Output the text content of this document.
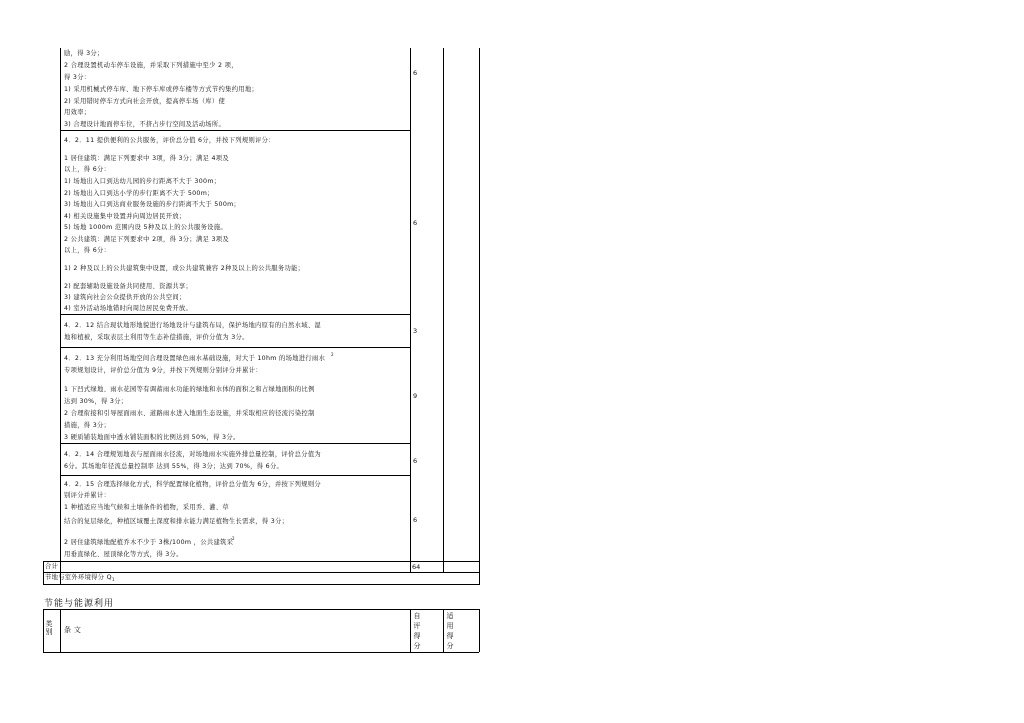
励，得 3分；
2 合理设置机动车停车设施，并采取下列措施中至少 2 项，
得 3分：
1) 采用机械式停车库、地下停车库或停车楼等方式节约集约用地；
2) 采用错时停车方式向社会开放，提高停车场（库）使
用效率；
3) 合理设计地面停车位，不挤占步行空间及活动场所。
6
4．2．11 提供便利的公共服务，评价总分值 6分，并按下列规则评分：
1 居住建筑：满足下列要求中 3项，得 3分；满足 4项及
以上，得 6分：
1) 场地出入口到达幼儿园的步行距离不大于 300m；
2) 场地出入口到达小学的步行距离不大于 500m；
3) 场地出入口到达商业服务设施的步行距离不大于 500m；
4) 相关设施集中设置并向周边居民开放；
5) 场地 1000m 范围内设 5种及以上的公共服务设施。
2 公共建筑：满足下列要求中 2项，得 3分；满足 3项及
以上，得 6分：
1) 2 种及以上的公共建筑集中设置，或公共建筑兼容 2种及以上的公共服务功能；
2) 配套辅助设施设备共同使用、资源共享；
3) 建筑向社会公众提供开放的公共空间；
4) 室外活动场地错时向周边居民免费开放。
6
4．2．12 结合现状地形地貌进行场地设计与建筑布局，保护场地内原有的自然水域、湿
地和植被，采取表层土利用等生态补偿措施，评价分值为 3分。
3
4．2．13 充分利用场地空间合理设置绿色雨水基础设施，对大于 10hm 的场地进行雨水
2
专项规划设计，评价总分值为 9分，并按下列规则分别评分并累计：
1 下凹式绿地、雨水花园等有调蓄雨水功能的绿地和水体的面积之和占绿地面积的比例
达到 30%，得 3分；
2 合理衔接和引导屋面雨水、道路雨水进入地面生态设施，并采取相应的径流污染控制
措施，得 3分；
3 硬质铺装地面中透水铺装面积的比例达到 50%，得 3分。
9
4．2．14 合理规划地表与屋面雨水径流，对场地雨水实施外排总量控制，评价总分值为
6分。其场地年径流总量控制率 达到 55%，得 3分；达到 70%，得 6分。
6
4．2．15 合理选择绿化方式，科学配置绿化植物，评价总分值为 6分，并按下列规则分
别评分并累计：
1 种植适应当地气候和土壤条件的植物，采用乔、灌、草
结合的复层绿化，种植区域覆土深度和排水能力满足植物生长需求，得 3分；
2 居住建筑绿地配植乔木不少于 3株/100m ，公共建筑采
2
用垂直绿化、屋顶绿化等方式，得 3分。
6
合计	64
节地与室外环境得分 $Q_1$
节能与能源利用
类别 条 文
自评得分
适用得分
